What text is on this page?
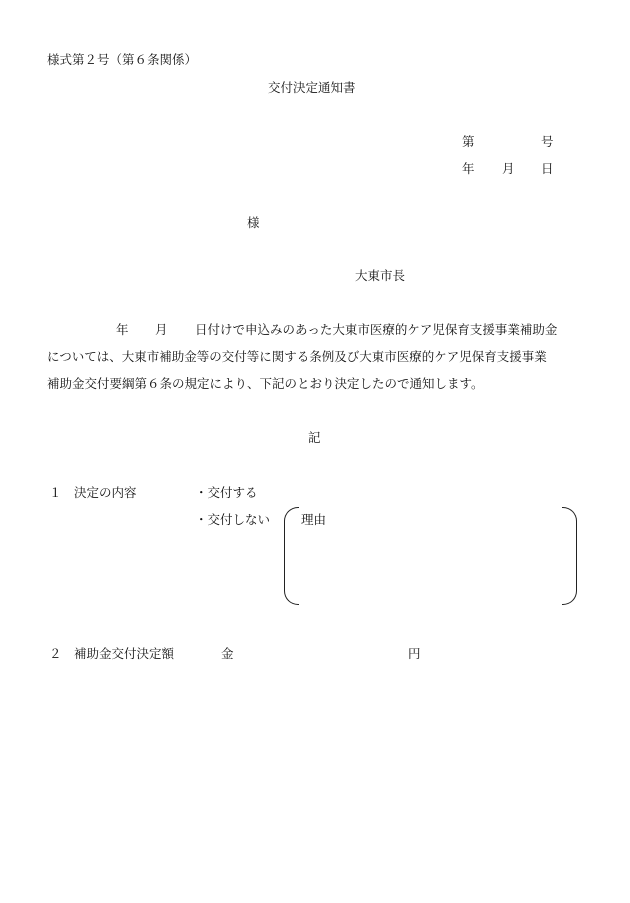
様式第２号（第６条関係）
交付決定通知書
第	号
年 月 日
様
大東市長
年 月 日付けで申込みのあった大東市医療的ケア児保育支援事業補助金
については、大東市補助金等の交付等に関する条例及び大東市医療的ケア児保育支援事業
補助金交付要綱第６条の規定により、下記のとおり決定したので通知します。
記
１ 決定の内容	・交付する
・交付しない 理由
２ 補助金交付決定額	金	円
